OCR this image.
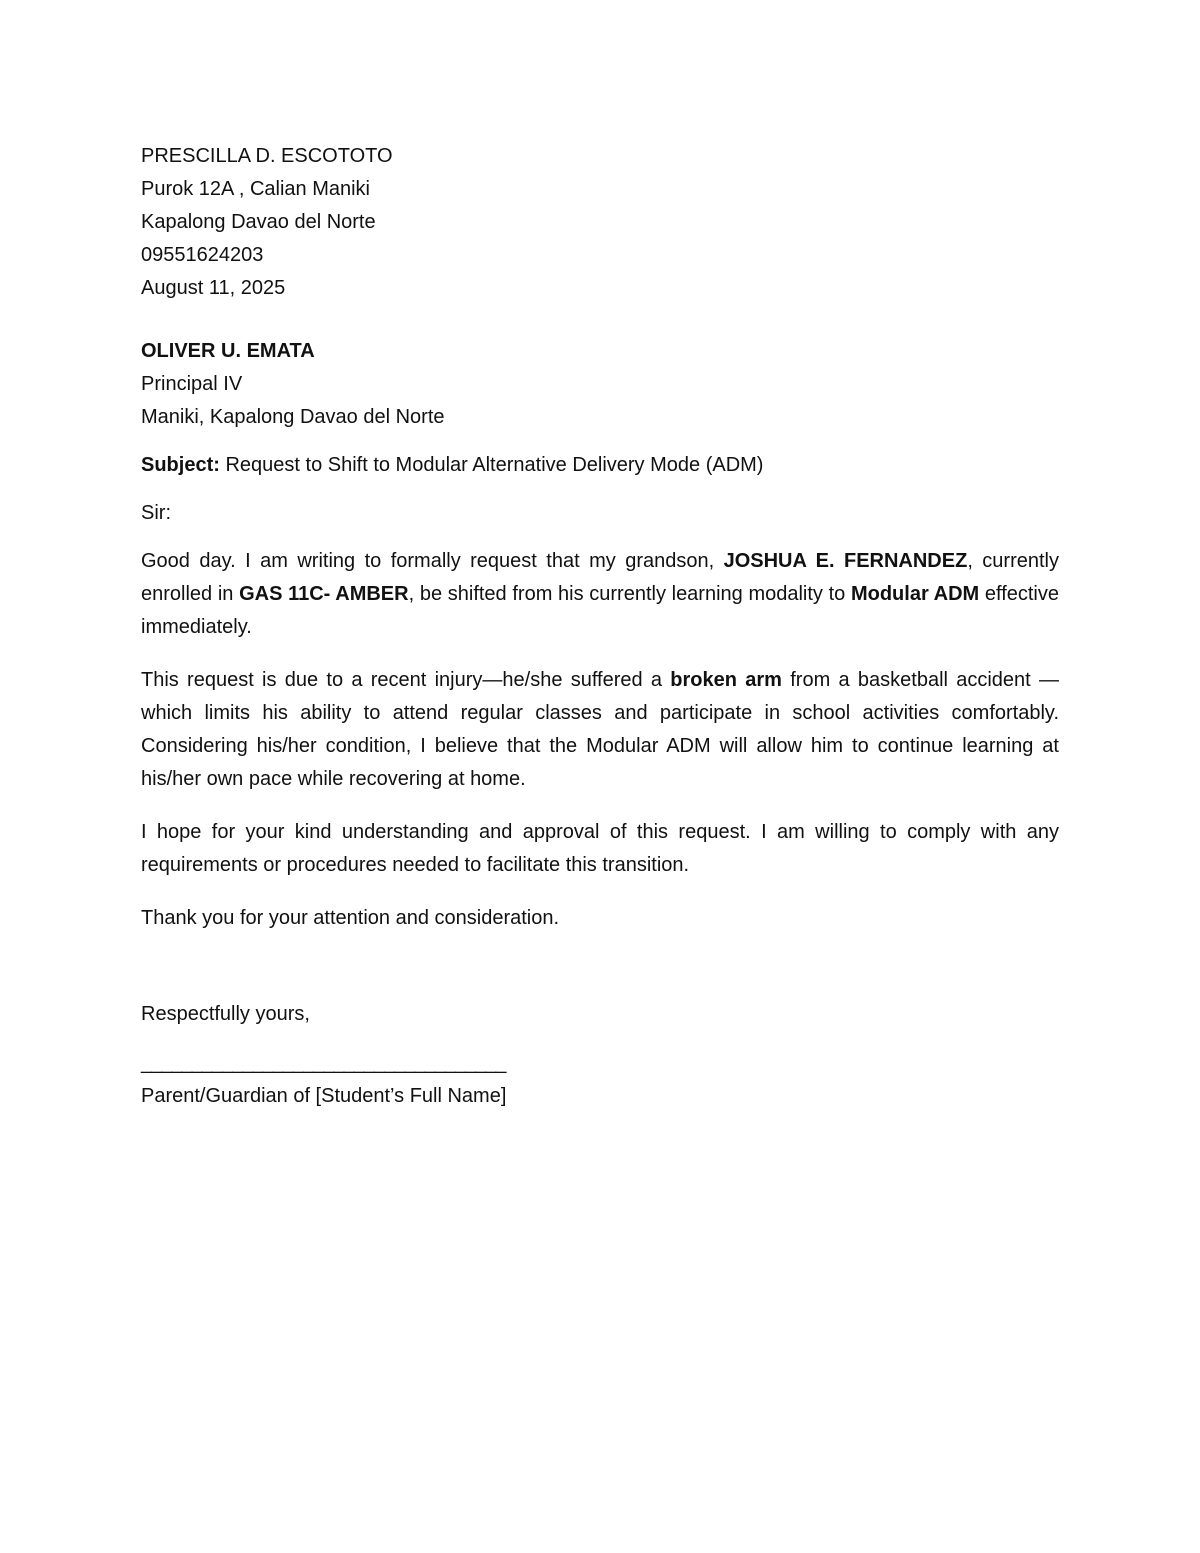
PRESCILLA D. ESCOTOTO
Purok 12A , Calian Maniki
Kapalong Davao del Norte
09551624203
August 11, 2025
OLIVER U. EMATA
Principal IV
Maniki, Kapalong Davao del Norte
Subject: Request to Shift to Modular Alternative Delivery Mode (ADM)
Sir:

Good day. I am writing to formally request that my grandson, JOSHUA E. FERNANDEZ, currently enrolled in GAS 11C- AMBER, be shifted from his currently learning modality to Modular ADM effective immediately.

This request is due to a recent injury—he/she suffered a broken arm from a basketball accident —which limits his ability to attend regular classes and participate in school activities comfortably. Considering his/her condition, I believe that the Modular ADM will allow him to continue learning at his/her own pace while recovering at home.

I hope for your kind understanding and approval of this request. I am willing to comply with any requirements or procedures needed to facilitate this transition.

Thank you for your attention and consideration.

Respectfully yours,
____________________________________
Parent/Guardian of [Student’s Full Name]
